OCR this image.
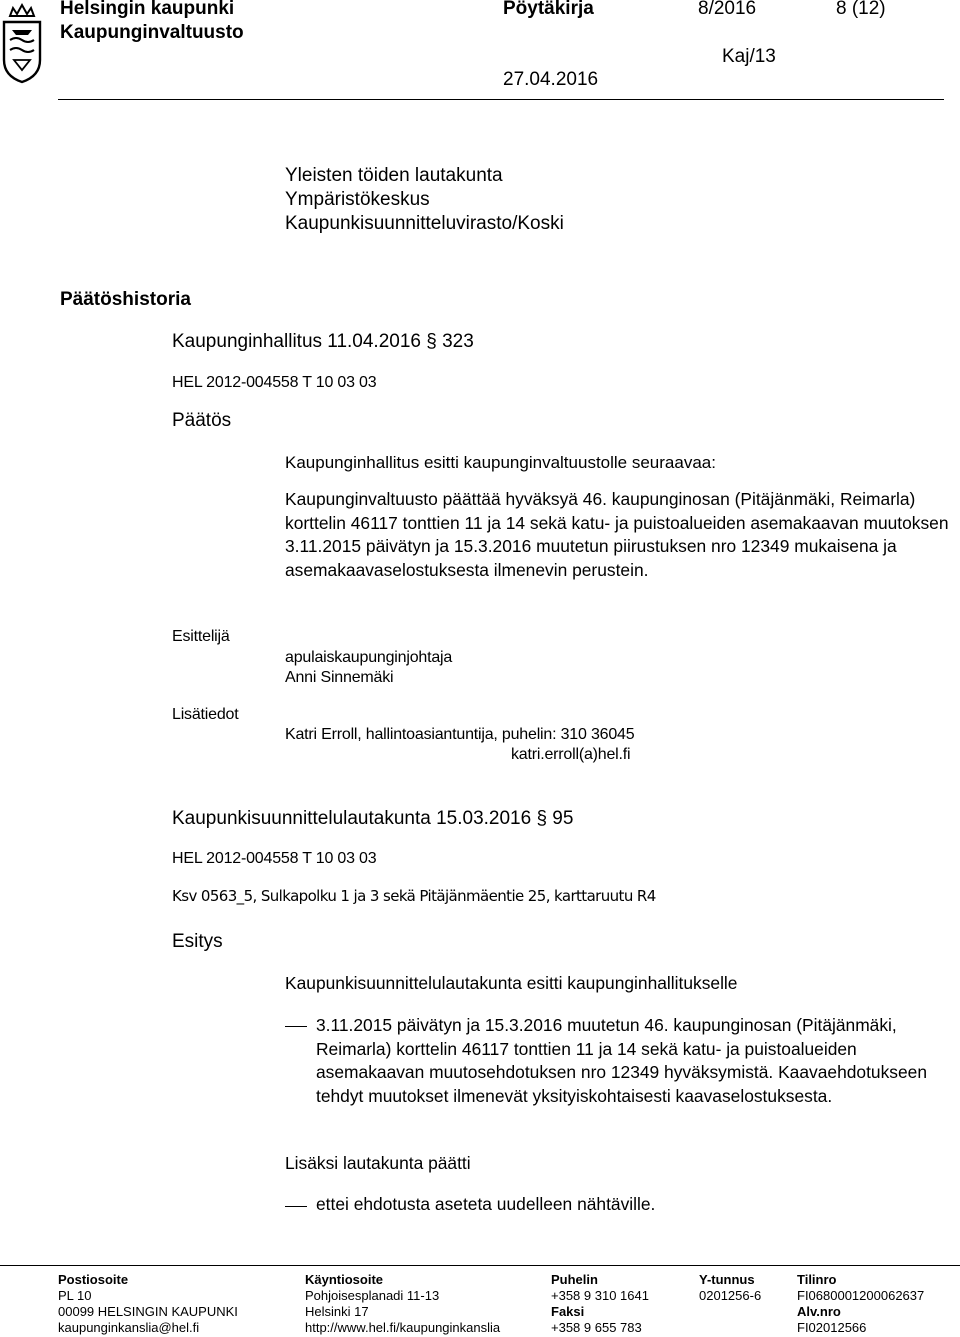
Helsingin kaupunki
Kaupunginvaltuusto
Pöytäkirja	8/2016	8 (12)
Kaj/13
27.04.2016
Yleisten töiden lautakunta
Ympäristökeskus
Kaupunkisuunnitteluvirasto/Koski
Päätöshistoria
Kaupunginhallitus 11.04.2016 § 323
HEL 2012-004558 T 10 03 03
Päätös
Kaupunginhallitus esitti kaupunginvaltuustolle seuraavaa:
Kaupunginvaltuusto päättää hyväksyä 46. kaupunginosan (Pitäjänmäki, Reimarla) korttelin 46117 tonttien 11 ja 14 sekä katu- ja puistoalueiden asemakaavan muutoksen 3.11.2015 päivätyn ja 15.3.2016 muutetun piirustuksen nro 12349 mukaisena ja asemakaavaselostuksesta ilmenevin perustein.
Esittelijä
apulaiskaupunginjohtaja
Anni Sinnemäki
Lisätiedot
Katri Erroll, hallintoasiantuntija, puhelin: 310 36045
katri.erroll(a)hel.fi
Kaupunkisuunnittelulautakunta 15.03.2016 § 95
HEL 2012-004558 T 10 03 03
Ksv 0563_5, Sulkapolku 1 ja 3 sekä Pitäjänmäentie 25, karttaruutu R4
Esitys
Kaupunkisuunnittelulautakunta esitti kaupunginhallitukselle
3.11.2015 päivätyn ja 15.3.2016 muutetun 46. kaupunginosan (Pitäjänmäki, Reimarla) korttelin 46117 tonttien 11 ja 14 sekä katu- ja puistoalueiden asemakaavan muutosehdotuksen nro 12349 hyväksymistä. Kaavaehdotukseen tehdyt muutokset ilmenevät yksityiskohtaisesti kaavaselostuksesta.
Lisäksi lautakunta päätti
ettei ehdotusta aseteta uudelleen nähtäville.
Postiosoite
PL 10
00099 HELSINGIN KAUPUNKI
kaupunginkanslia@hel.fi
Käyntiosoite
Pohjoisesplanadi 11-13
Helsinki 17
http://www.hel.fi/kaupunginkanslia
Puhelin
+358 9 310 1641
Faksi
+358 9 655 783
Y-tunnus
0201256-6
Tilinro
FI0680001200062637
Alv.nro
FI02012566
